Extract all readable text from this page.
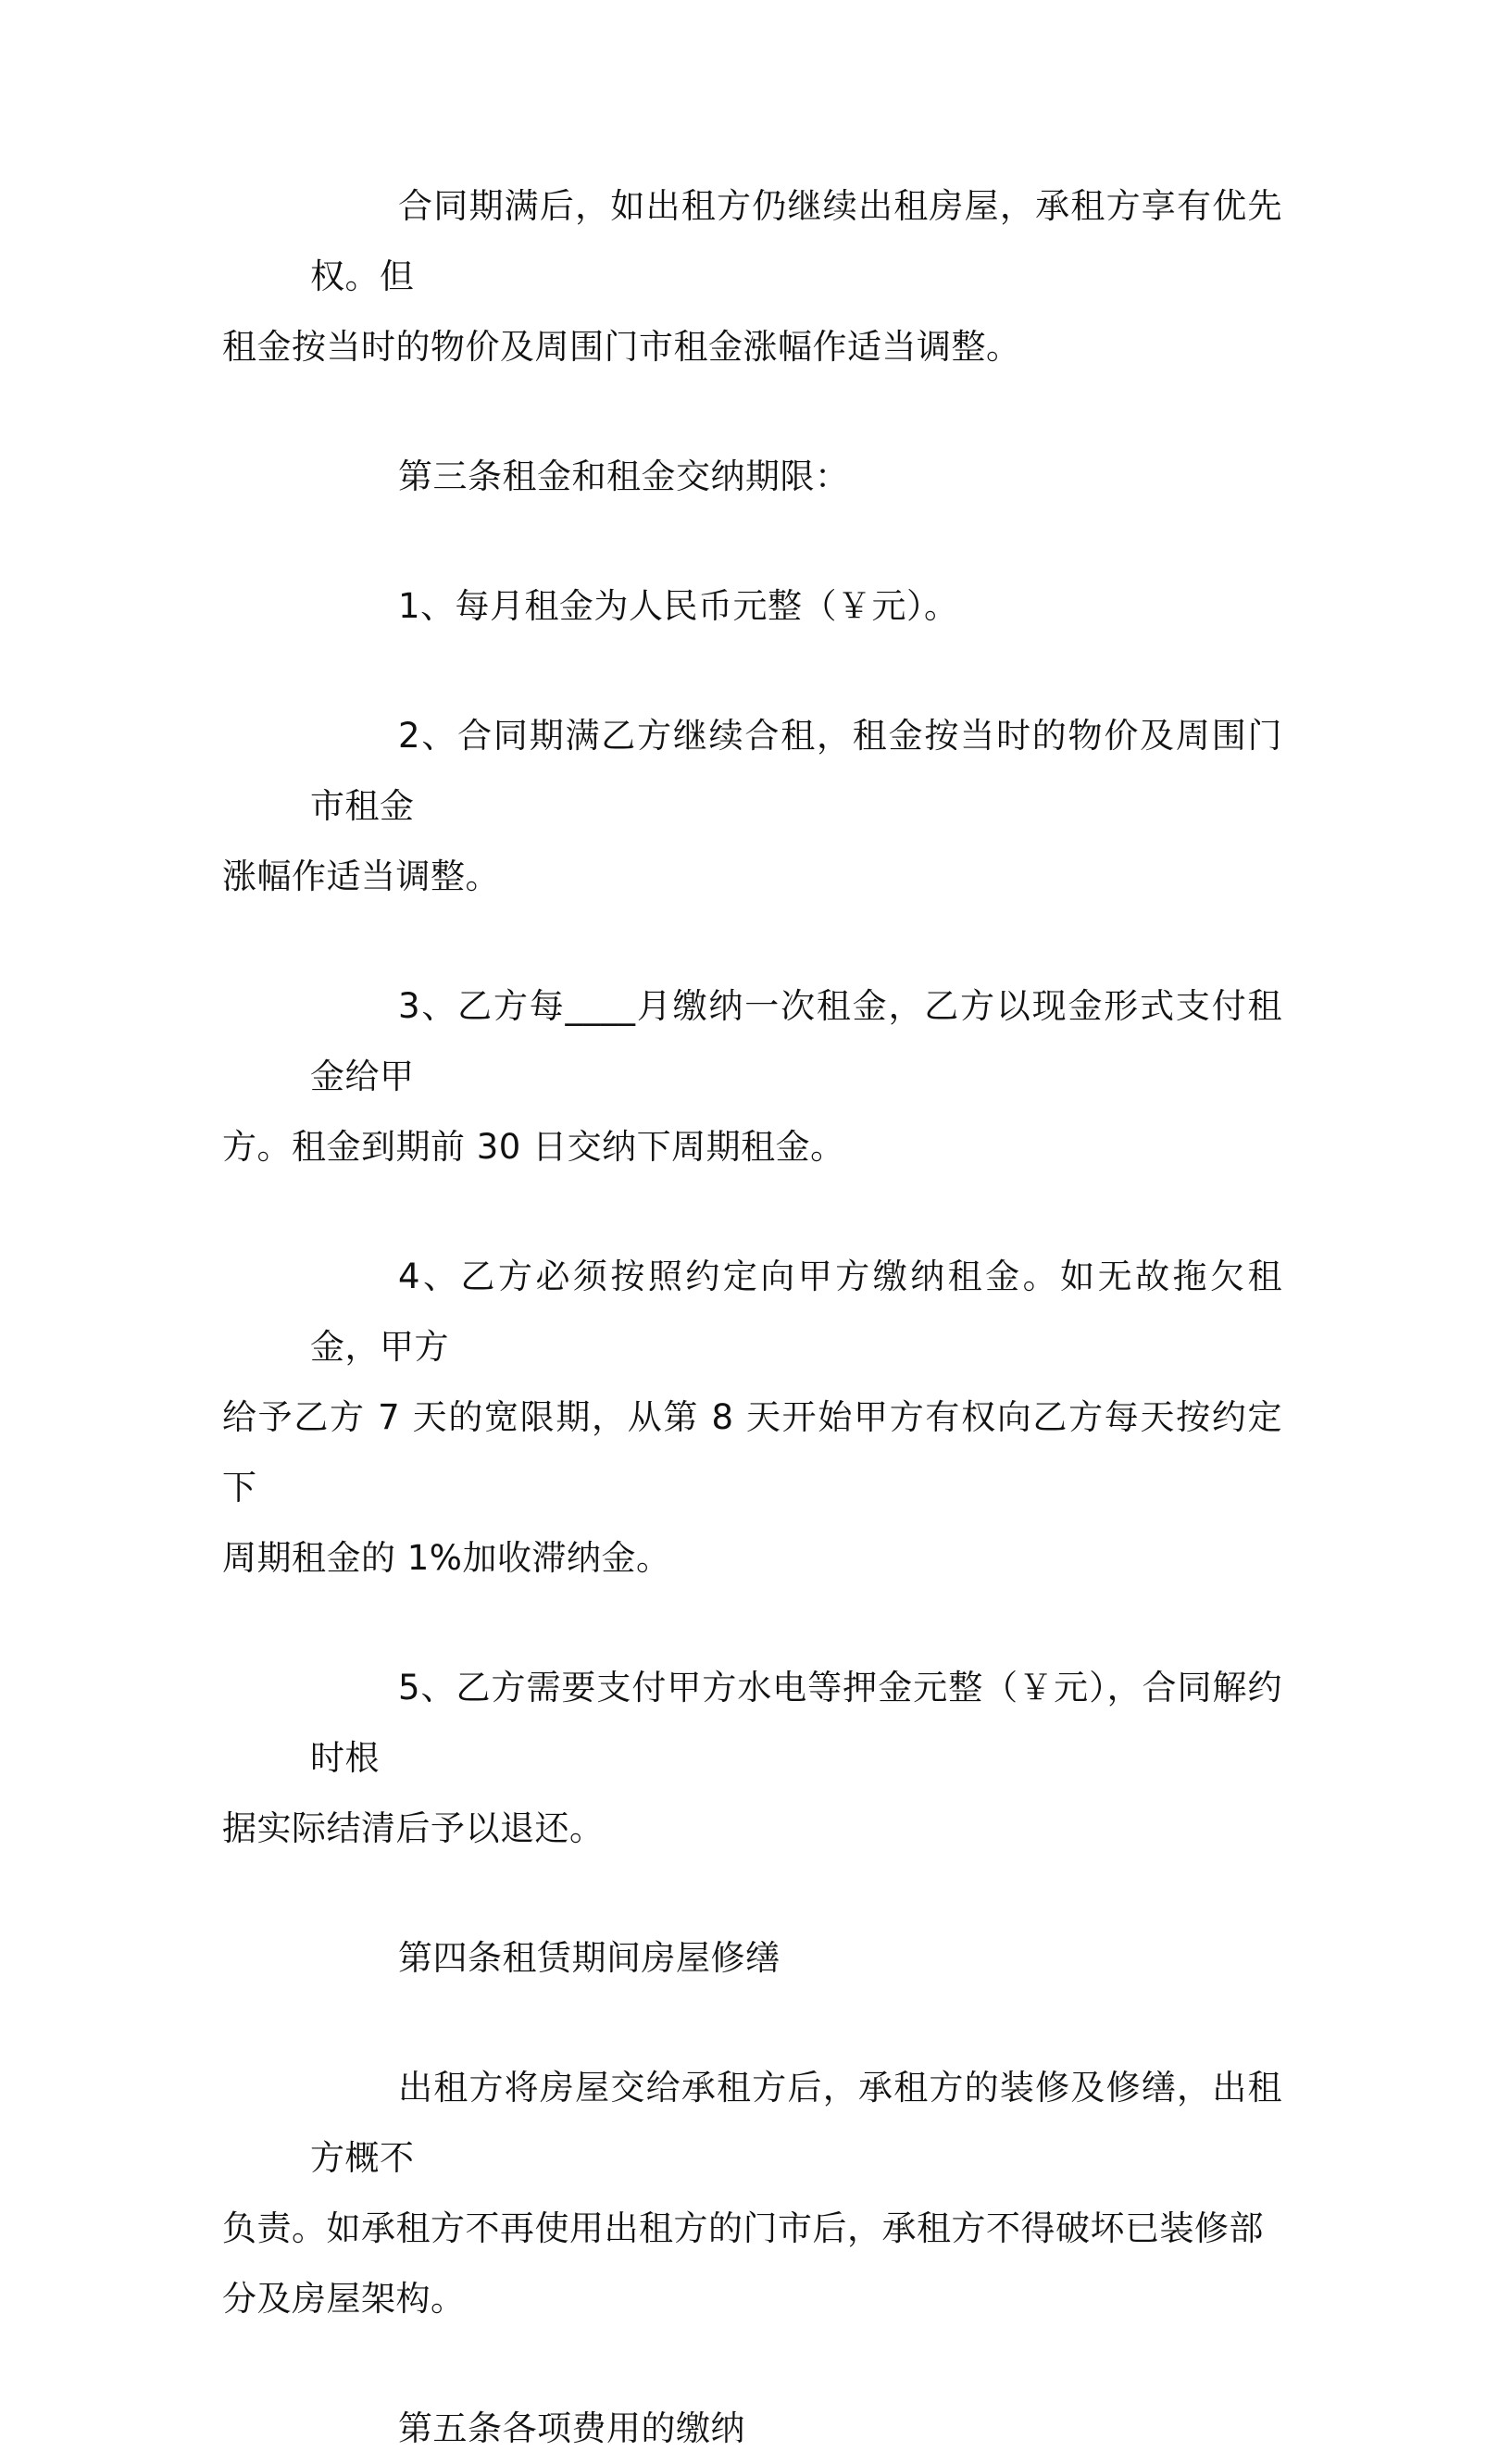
合同期满后，如出租方仍继续出租房屋，承租方享有优先权。但
租金按当时的物价及周围门市租金涨幅作适当调整。

第三条租金和租金交纳期限：

1、每月租金为人民币元整（￥元）。

2、合同期满乙方继续合租，租金按当时的物价及周围门市租金
涨幅作适当调整。

3、乙方每____月缴纳一次租金，乙方以现金形式支付租金给甲
方。租金到期前 30 日交纳下周期租金。

4、乙方必须按照约定向甲方缴纳租金。如无故拖欠租金，甲方
给予乙方 7 天的宽限期，从第 8 天开始甲方有权向乙方每天按约定下
周期租金的 1%加收滞纳金。

5、乙方需要支付甲方水电等押金元整（￥元），合同解约时根
据实际结清后予以退还。

第四条租赁期间房屋修缮

出租方将房屋交给承租方后，承租方的装修及修缮，出租方概不
负责。如承租方不再使用出租方的门市后，承租方不得破坏已装修部
分及房屋架构。

第五条各项费用的缴纳
